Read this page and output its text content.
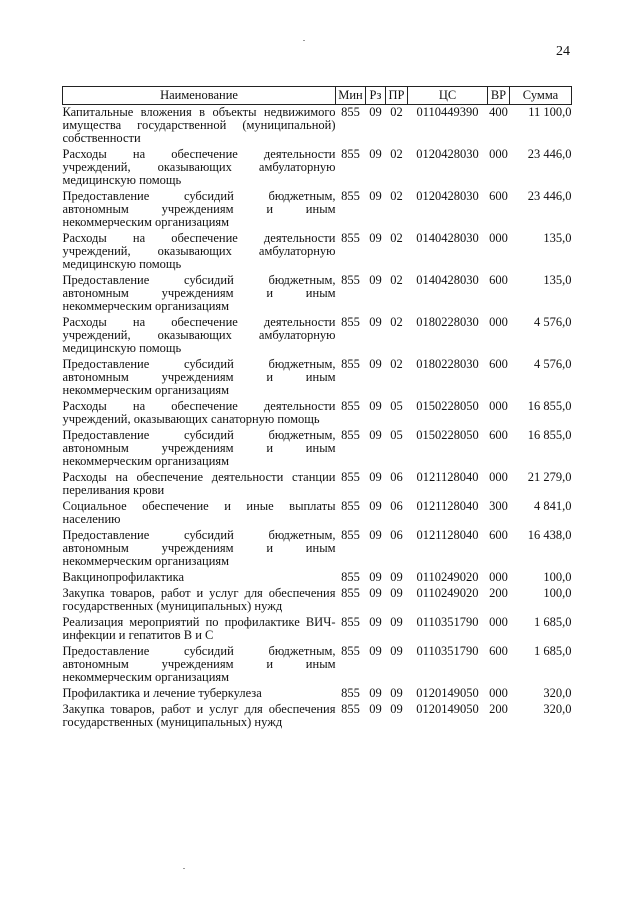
24
Наименование	Мин	Рз	ПР	ЦС	ВР	Сумма
Капитальные вложения в объекты недвижимого имущества государственной (муниципальной) собственности	855	09	02	0110449390	400	11 100,0
Расходы на обеспечение деятельности учреждений, оказывающих амбулаторную медицинскую помощь	855	09	02	0120428030	000	23 446,0
Предоставление субсидий бюджетным, автономным учреждениям и иным некоммерческим организациям	855	09	02	0120428030	600	23 446,0
Расходы на обеспечение деятельности учреждений, оказывающих амбулаторную медицинскую помощь	855	09	02	0140428030	000	135,0
Предоставление субсидий бюджетным, автономным учреждениям и иным некоммерческим организациям	855	09	02	0140428030	600	135,0
Расходы на обеспечение деятельности учреждений, оказывающих амбулаторную медицинскую помощь	855	09	02	0180228030	000	4 576,0
Предоставление субсидий бюджетным, автономным учреждениям и иным некоммерческим организациям	855	09	02	0180228030	600	4 576,0
Расходы на обеспечение деятельности учреждений, оказывающих санаторную помощь	855	09	05	0150228050	000	16 855,0
Предоставление субсидий бюджетным, автономным учреждениям и иным некоммерческим организациям	855	09	05	0150228050	600	16 855,0
Расходы на обеспечение деятельности станции переливания крови	855	09	06	0121128040	000	21 279,0
Социальное обеспечение и иные выплаты населению	855	09	06	0121128040	300	4 841,0
Предоставление субсидий бюджетным, автономным учреждениям и иным некоммерческим организациям	855	09	06	0121128040	600	16 438,0
Вакцинопрофилактика	855	09	09	0110249020	000	100,0
Закупка товаров, работ и услуг для обеспечения государственных (муниципальных) нужд	855	09	09	0110249020	200	100,0
Реализация мероприятий по профилактике ВИЧ-инфекции и гепатитов В и С	855	09	09	0110351790	000	1 685,0
Предоставление субсидий бюджетным, автономным учреждениям и иным некоммерческим организациям	855	09	09	0110351790	600	1 685,0
Профилактика и лечение туберкулеза	855	09	09	0120149050	000	320,0
Закупка товаров, работ и услуг для обеспечения государственных (муниципальных) нужд	855	09	09	0120149050	200	320,0
